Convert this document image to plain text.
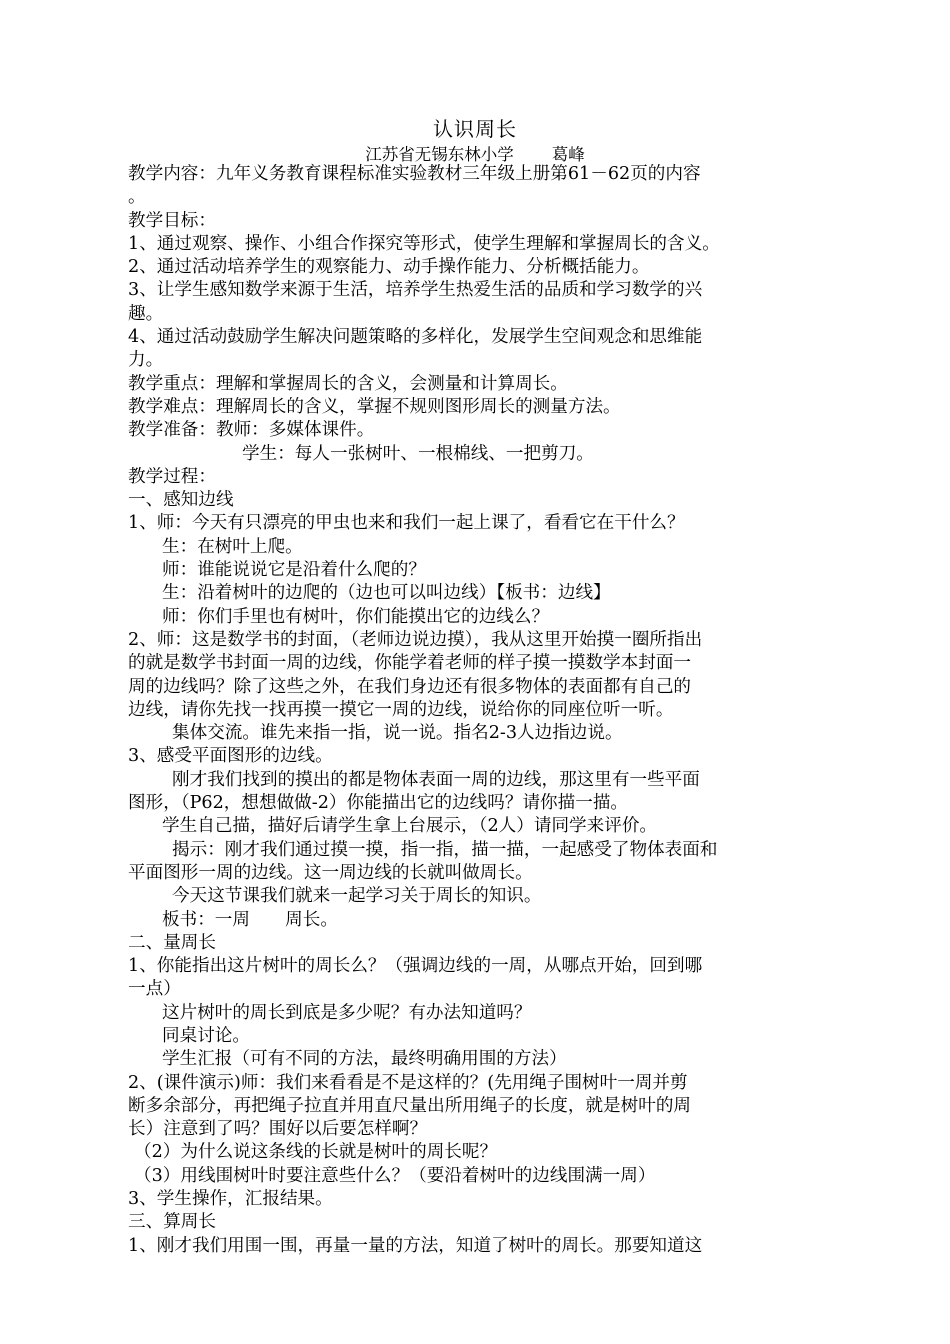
认识周长
江苏省无锡东林小学 葛峰
教学内容：九年义务教育课程标准实验教材三年级上册第61－62页的内容
。
教学目标：
1、通过观察、操作、小组合作探究等形式，使学生理解和掌握周长的含义。
2、通过活动培养学生的观察能力、动手操作能力、分析概括能力。
3、让学生感知数学来源于生活，培养学生热爱生活的品质和学习数学的兴
趣。
4、通过活动鼓励学生解决问题策略的多样化，发展学生空间观念和思维能
力。
教学重点：理解和掌握周长的含义，会测量和计算周长。
教学难点：理解周长的含义，掌握不规则图形周长的测量方法。
教学准备：教师：多媒体课件。
学生：每人一张树叶、一根棉线、一把剪刀。
教学过程：
一、感知边线
1、师：今天有只漂亮的甲虫也来和我们一起上课了，看看它在干什么？
生：在树叶上爬。
师：谁能说说它是沿着什么爬的？
生：沿着树叶的边爬的（边也可以叫边线）【板书：边线】
师：你们手里也有树叶，你们能摸出它的边线么？
2、师：这是数学书的封面，（老师边说边摸），我从这里开始摸一圈所指出
的就是数学书封面一周的边线，你能学着老师的样子摸一摸数学本封面一
周的边线吗？除了这些之外，在我们身边还有很多物体的表面都有自己的
边线，请你先找一找再摸一摸它一周的边线，说给你的同座位听一听。
集体交流。谁先来指一指，说一说。指名2-3人边指边说。
3、感受平面图形的边线。
刚才我们找到的摸出的都是物体表面一周的边线，那这里有一些平面
图形，（P62，想想做做-2）你能描出它的边线吗？请你描一描。
学生自己描，描好后请学生拿上台展示，（2人）请同学来评价。
揭示：刚才我们通过摸一摸，指一指，描一描，一起感受了物体表面和
平面图形一周的边线。这一周边线的长就叫做周长。
今天这节课我们就来一起学习关于周长的知识。
板书：一周　　周长。
二、量周长
1、你能指出这片树叶的周长么？（强调边线的一周，从哪点开始，回到哪
一点）
这片树叶的周长到底是多少呢？有办法知道吗？
同桌讨论。
学生汇报（可有不同的方法，最终明确用围的方法）
2、(课件演示)师：我们来看看是不是这样的？(先用绳子围树叶一周并剪
断多余部分，再把绳子拉直并用直尺量出所用绳子的长度，就是树叶的周
长）注意到了吗？围好以后要怎样啊？
（2）为什么说这条线的长就是树叶的周长呢？
（3）用线围树叶时要注意些什么？（要沿着树叶的边线围满一周）
3、学生操作，汇报结果。
三、算周长
1、刚才我们用围一围，再量一量的方法，知道了树叶的周长。那要知道这
